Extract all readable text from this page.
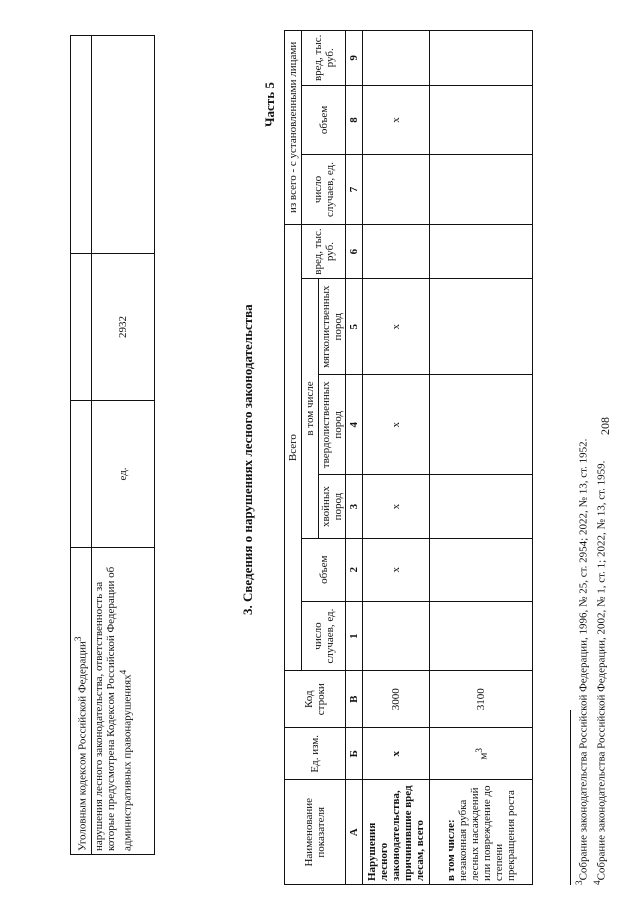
Уголовным кодексом Российской Федерации$^3$			
нарушения лесного законодательства, ответственность за которые предусмотрена Кодексом Российской Федерации об административных правонарушениях$^4$	ед.	2932	
208
3. Сведения о нарушениях лесного законодательства
Часть 5
Наименование показателя	Ед. изм.	Код строки	Всего						из всего - с установленными лицами		
			число случаев, ед.	объем	в том числе			вред, тыс. руб.	число случаев, ед.	объем	вред, тыс. руб.
					хвойных пород	твердолиственных пород	мягколиственных пород				
А	Б	В	1	2	3	4	5	6	7	8	9
Нарушения лесного законодательства, причинившие вред лесам, всего	x	3000		x	x	x	x			x	
в том числе:
незаконная рубка лесных насаждений или повреждение до степени прекращения роста	$м^3$	3100									
$^3$Собрание законодательства Российской Федерации, 1996, № 25, ст. 2954; 2022, № 13, ст. 1952.
$^4$Собрание законодательства Российской Федерации, 2002, № 1, ст. 1; 2022, № 13, ст. 1959.
